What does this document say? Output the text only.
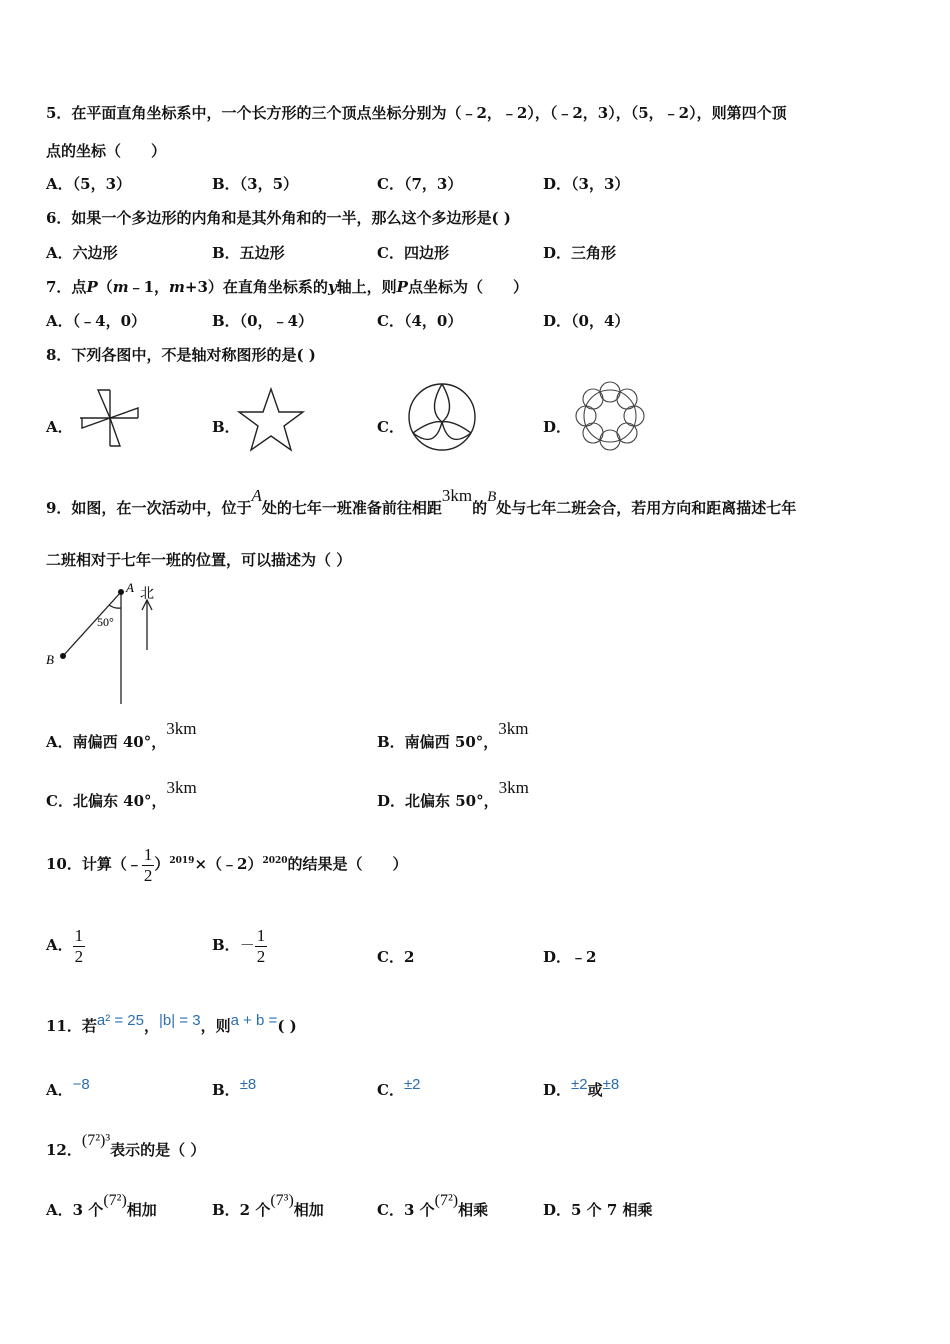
5．在平面直角坐标系中，一个长方形的三个顶点坐标分别为（﹣2，﹣2），（﹣2，3），（5，﹣2），则第四个顶
点的坐标（　　）
A．（5，3）	B．（3，5）	C．（7，3）	D．（3，3）
6．如果一个多边形的内角和是其外角和的一半，那么这个多边形是( )
A．六边形	B．五边形	C．四边形	D．三角形
7．点P（m﹣1，m+3）在直角坐标系的y轴上，则P点坐标为（　　）
A．（﹣4，0）	B．（0，﹣4）	C．（4，0）	D．（0，4）
8．下列各图中，不是轴对称图形的是( )
A．	B．	C．	D．
9．如图，在一次活动中，位于A处的七年一班准备前往相距3km的B处与七年二班会合，若用方向和距离描述七年
二班相对于七年一班的位置，可以描述为（ ）
A
B
北
50°
A．南偏西 40°，3km
B．南偏西 50°，3km
C．北偏东 40°，3km
D．北偏东 50°，3km
10．计算（﹣ $\frac{1}{2}$ ）$^{2019}$×（﹣2）$^{2020}$的结果是（　　）
A． $\frac{1}{2}$	B．－ $\frac{1}{2}$	C．2	D．﹣2
11．若a² = 25，|b| = 3，则a + b =( )
A．−8	B．±8	C．±2	D．±2或±8
12．(7²)³表示的是（ ）
A．3 个(7²)相加	B．2 个(7³)相加	C．3 个(7²)相乘	D．5 个 7 相乘
